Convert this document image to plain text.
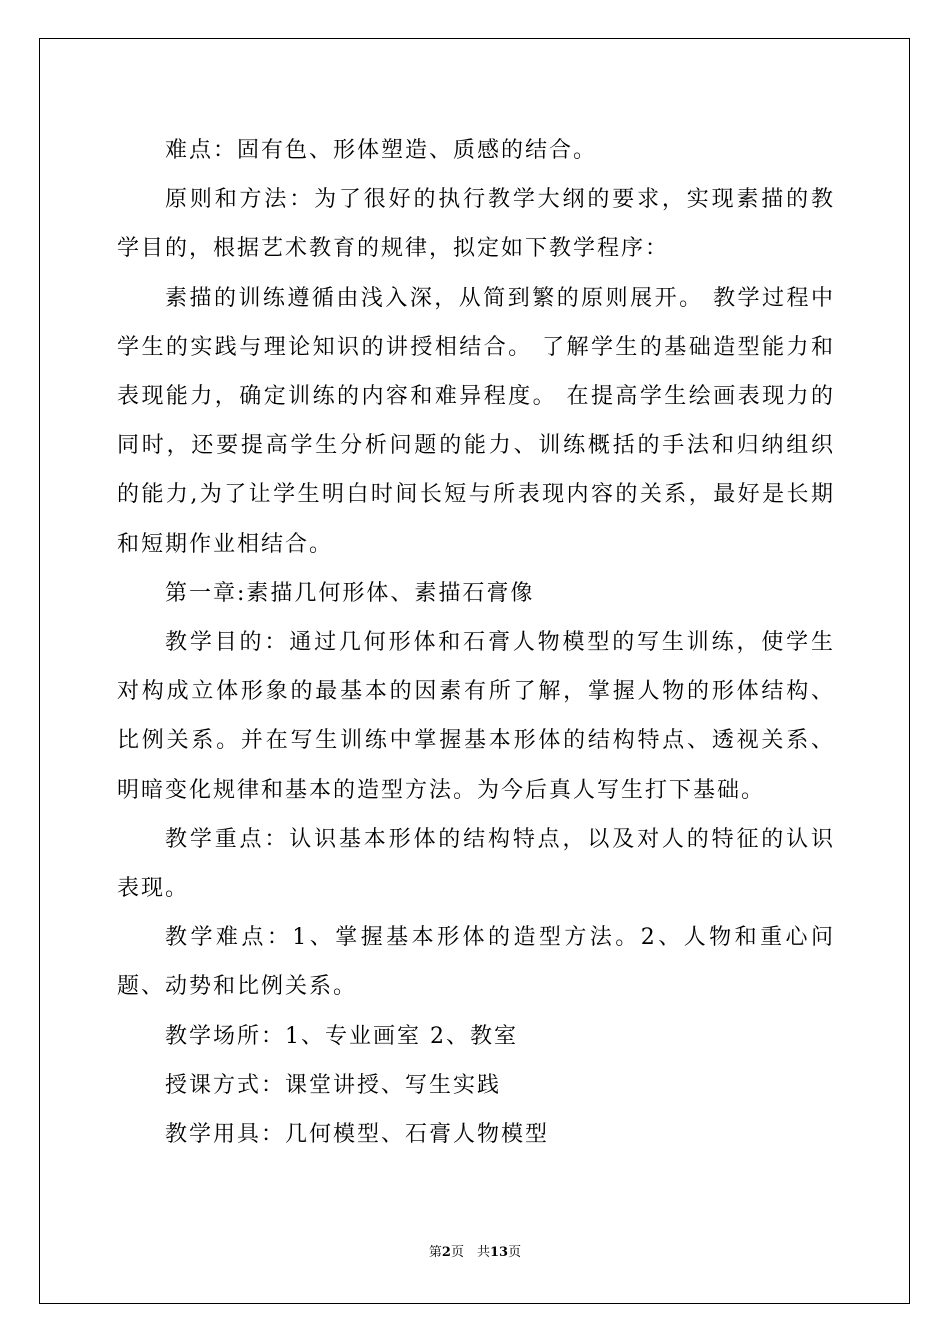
难点：固有色、形体塑造、质感的结合。

原则和方法：为了很好的执行教学大纲的要求，实现素描的教学目的，根据艺术教育的规律，拟定如下教学程序：

素描的训练遵循由浅入深，从简到繁的原则展开。 教学过程中学生的实践与理论知识的讲授相结合。 了解学生的基础造型能力和表现能力，确定训练的内容和难异程度。 在提高学生绘画表现力的同时，还要提高学生分析问题的能力、训练概括的手法和归纳组织的能力,为了让学生明白时间长短与所表现内容的关系，最好是长期和短期作业相结合。

第一章:素描几何形体、素描石膏像

教学目的：通过几何形体和石膏人物模型的写生训练，使学生对构成立体形象的最基本的因素有所了解，掌握人物的形体结构、比例关系。并在写生训练中掌握基本形体的结构特点、透视关系、明暗变化规律和基本的造型方法。为今后真人写生打下基础。

教学重点：认识基本形体的结构特点，以及对人的特征的认识表现。

教学难点：1、掌握基本形体的造型方法。2、人物和重心问题、动势和比例关系。

教学场所：1、专业画室 2、教室

授课方式：课堂讲授、写生实践

教学用具：几何模型、石膏人物模型

第2页　共13页
